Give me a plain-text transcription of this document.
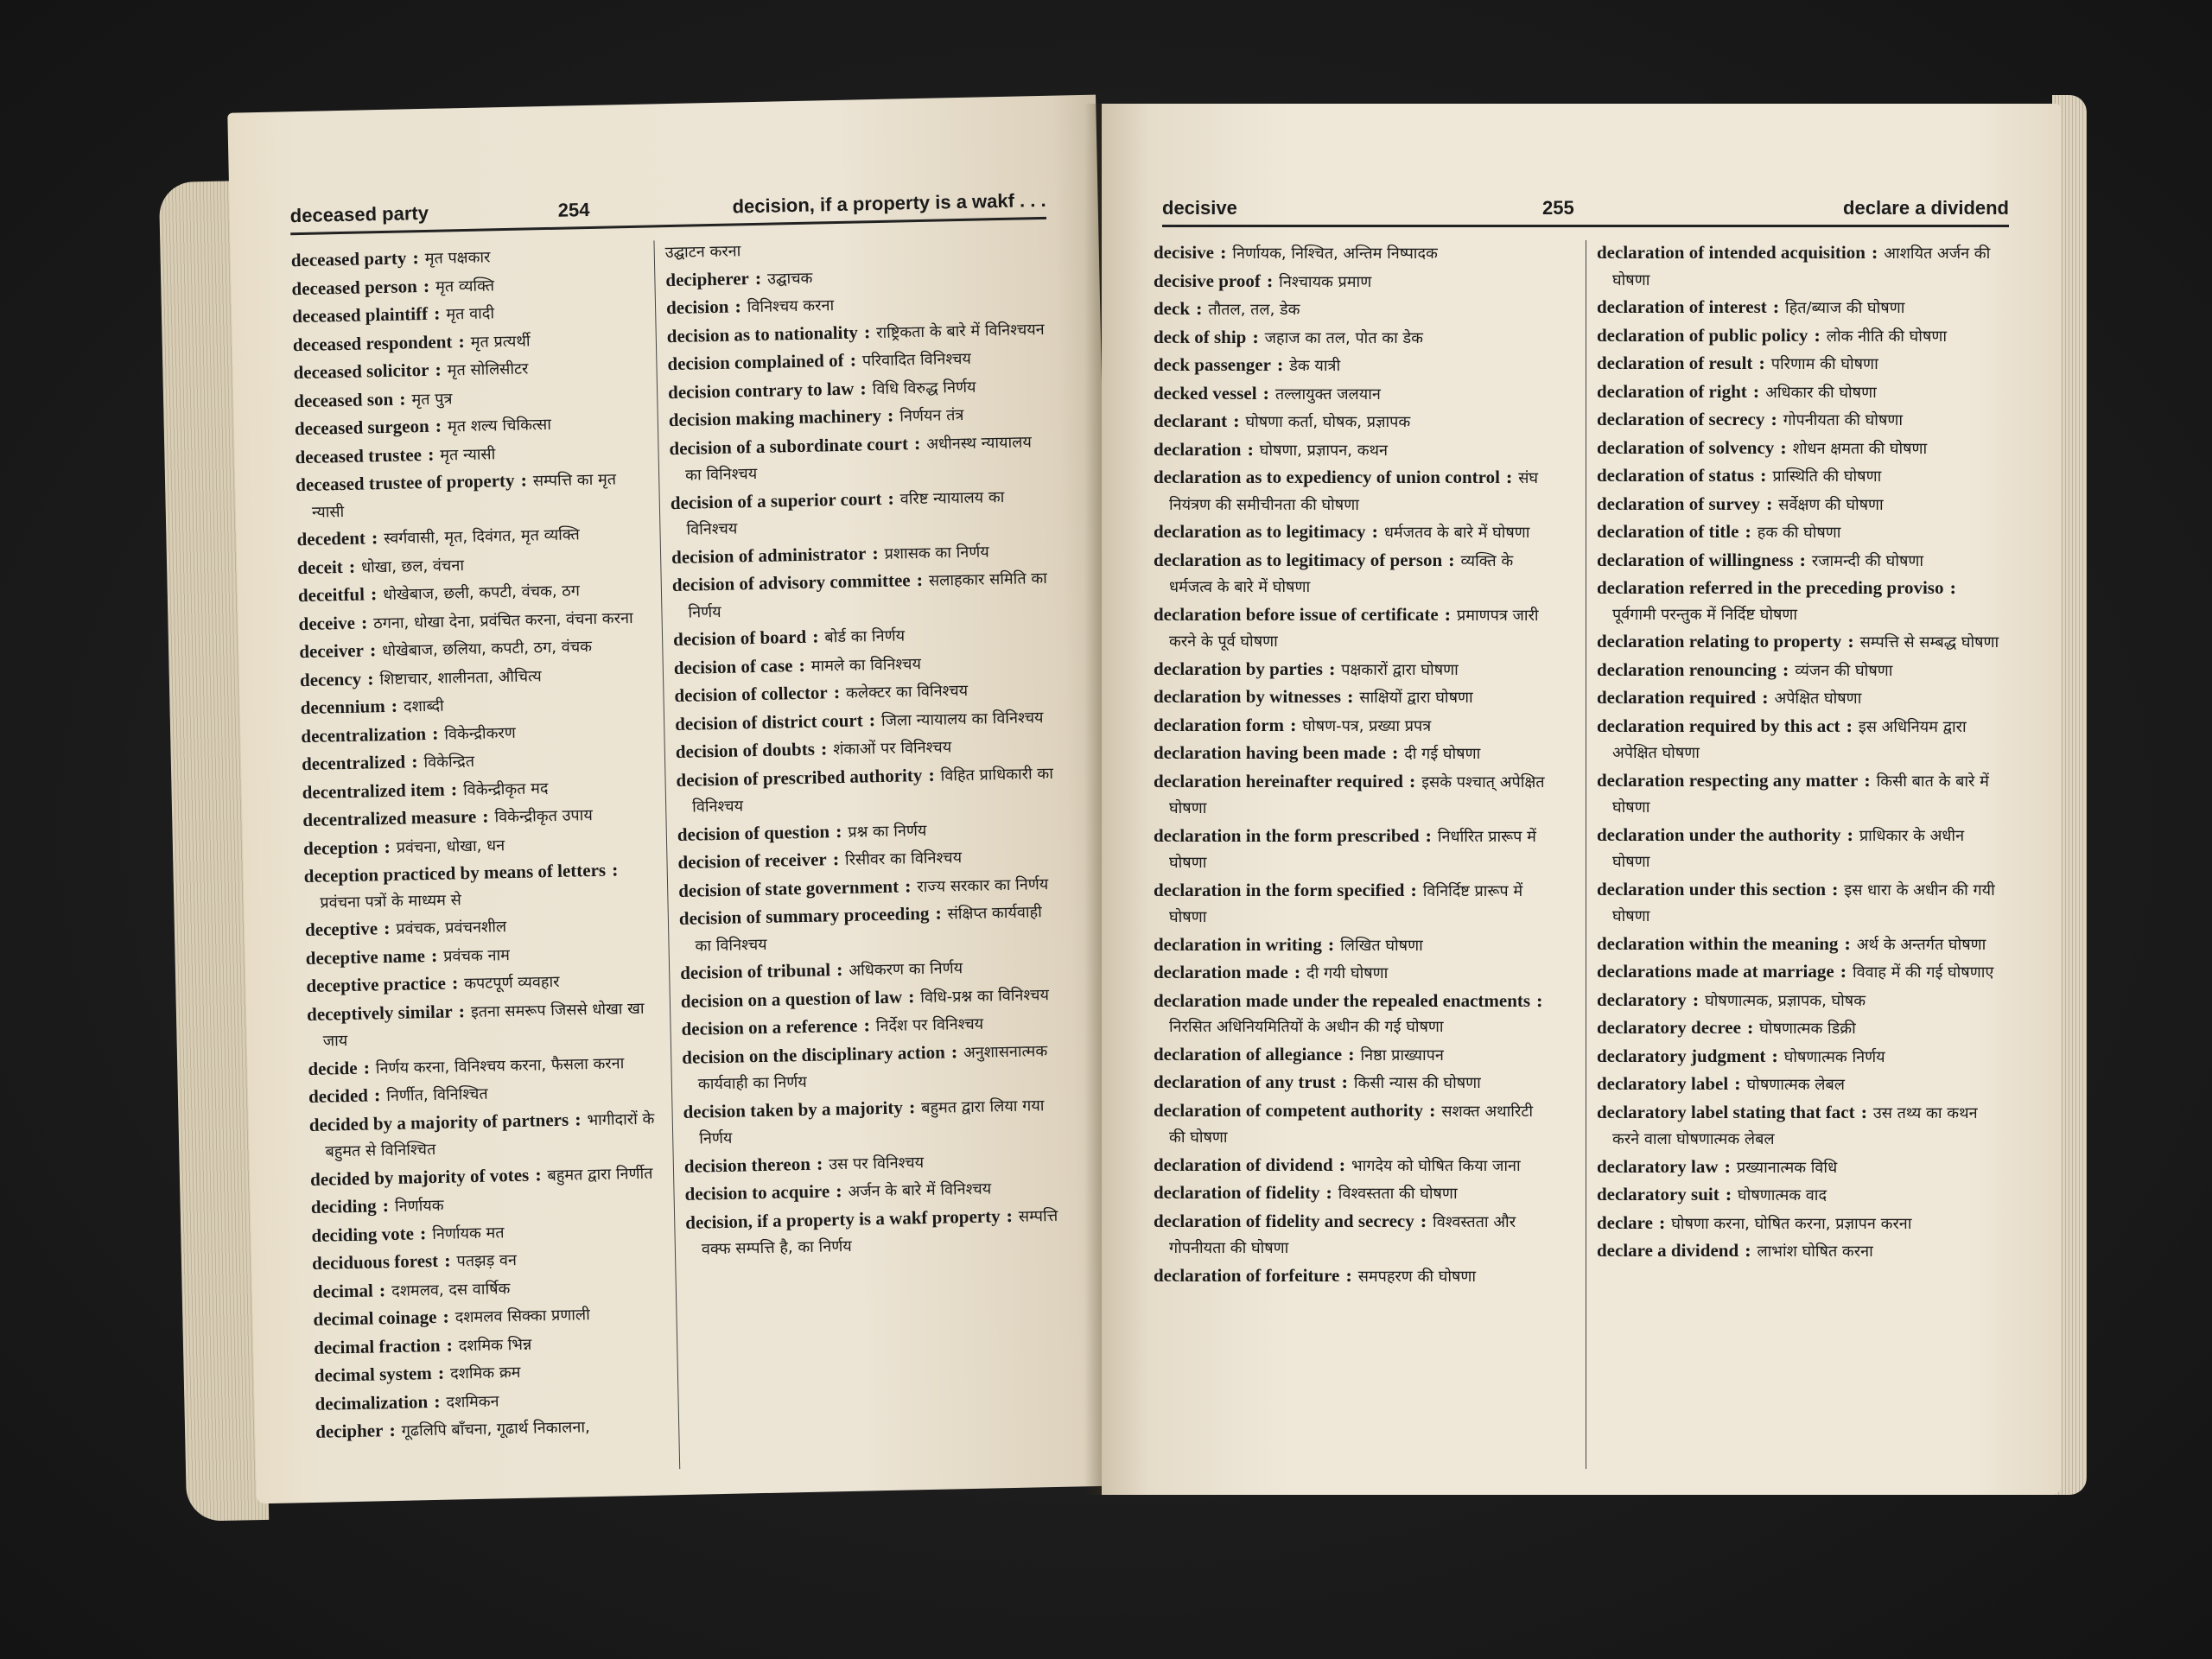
deceased party	254	decision, if a property is a wakf . . .
deceased party : मृत पक्षकार
deceased person : मृत व्यक्ति
deceased plaintiff : मृत वादी
deceased respondent : मृत प्रत्यर्थी
deceased solicitor : मृत सोलिसीटर
deceased son : मृत पुत्र
deceased surgeon : मृत शल्य चिकित्सा
deceased trustee : मृत न्यासी
deceased trustee of property : सम्पत्ति का मृत न्यासी
decedent : स्वर्गवासी, मृत, दिवंगत, मृत व्यक्ति
deceit : धोखा, छल, वंचना
deceitful : धोखेबाज, छली, कपटी, वंचक, ठग
deceive : ठगना, धोखा देना, प्रवंचित करना, वंचना करना
deceiver : धोखेबाज, छलिया, कपटी, ठग, वंचक
decency : शिष्टाचार, शालीनता, औचित्य
decennium : दशाब्दी
decentralization : विकेन्द्रीकरण
decentralized : विकेन्द्रित
decentralized item : विकेन्द्रीकृत मद
decentralized measure : विकेन्द्रीकृत उपाय
deception : प्रवंचना, धोखा, धन
deception practiced by means of letters : प्रवंचना पत्रों के माध्यम से
deceptive : प्रवंचक, प्रवंचनशील
deceptive name : प्रवंचक नाम
deceptive practice : कपटपूर्ण व्यवहार
deceptively similar : इतना समरूप जिससे धोखा खा जाय
decide : निर्णय करना, विनिश्चय करना, फैसला करना
decided : निर्णीत, विनिश्चित
decided by a majority of partners : भागीदारों के बहुमत से विनिश्चित
decided by majority of votes : बहुमत द्वारा निर्णीत
deciding : निर्णायक
deciding vote : निर्णायक मत
deciduous forest : पतझड़ वन
decimal : दशमलव, दस वार्षिक
decimal coinage : दशमलव सिक्का प्रणाली
decimal fraction : दशमिक भिन्न
decimal system : दशमिक क्रम
decimalization : दशमिकन
decipher : गूढलिपि बाँचना, गूढार्थ निकालना,
उद्घाटन करना
decipherer : उद्घाचक
decision : विनिश्चय करना
decision as to nationality : राष्ट्रिकता के बारे में विनिश्चयन
decision complained of : परिवादित विनिश्चय
decision contrary to law : विधि विरुद्ध निर्णय
decision making machinery : निर्णयन तंत्र
decision of a subordinate court : अधीनस्थ न्यायालय का विनिश्चय
decision of a superior court : वरिष्ट न्यायालय का विनिश्चय
decision of administrator : प्रशासक का निर्णय
decision of advisory committee : सलाहकार समिति का निर्णय
decision of board : बोर्ड का निर्णय
decision of case : मामले का विनिश्चय
decision of collector : कलेक्टर का विनिश्चय
decision of district court : जिला न्यायालय का विनिश्चय
decision of doubts : शंकाओं पर विनिश्चय
decision of prescribed authority : विहित प्राधिकारी का विनिश्चय
decision of question : प्रश्न का निर्णय
decision of receiver : रिसीवर का विनिश्चय
decision of state government : राज्य सरकार का निर्णय
decision of summary proceeding : संक्षिप्त कार्यवाही का विनिश्चय
decision of tribunal : अधिकरण का निर्णय
decision on a question of law : विधि-प्रश्न का विनिश्चय
decision on a reference : निर्देश पर विनिश्चय
decision on the disciplinary action : अनुशासनात्मक कार्यवाही का निर्णय
decision taken by a majority : बहुमत द्वारा लिया गया निर्णय
decision thereon : उस पर विनिश्चय
decision to acquire : अर्जन के बारे में विनिश्चय
decision, if a property is a wakf property : सम्पत्ति वक्फ सम्पत्ति है, का निर्णय
decisive	255	declare a dividend
decisive : निर्णायक, निश्चित, अन्तिम निष्पादक
decisive proof : निश्चायक प्रमाण
deck : तौतल, तल, डेक
deck of ship : जहाज का तल, पोत का डेक
deck passenger : डेक यात्री
decked vessel : तल्लायुक्त जलयान
declarant : घोषणा कर्ता, घोषक, प्रज्ञापक
declaration : घोषणा, प्रज्ञापन, कथन
declaration as to expediency of union control : संघ नियंत्रण की समीचीनता की घोषणा
declaration as to legitimacy : धर्मजतव के बारे में घोषणा
declaration as to legitimacy of person : व्यक्ति के धर्मजत्व के बारे में घोषणा
declaration before issue of certificate : प्रमाणपत्र जारी करने के पूर्व घोषणा
declaration by parties : पक्षकारों द्वारा घोषणा
declaration by witnesses : साक्षियों द्वारा घोषणा
declaration form : घोषण-पत्र, प्रख्या प्रपत्र
declaration having been made : दी गई घोषणा
declaration hereinafter required : इसके पश्चात् अपेक्षित घोषणा
declaration in the form prescribed : निर्धारित प्रारूप में घोषणा
declaration in the form specified : विनिर्दिष्ट प्रारूप में घोषणा
declaration in writing : लिखित घोषणा
declaration made : दी गयी घोषणा
declaration made under the repealed enactments : निरसित अधिनियमितियों के अधीन की गई घोषणा
declaration of allegiance : निष्ठा प्राख्यापन
declaration of any trust : किसी न्यास की घोषणा
declaration of competent authority : सशक्त अथारिटी की घोषणा
declaration of dividend : भागदेय को घोषित किया जाना
declaration of fidelity : विश्वस्तता की घोषणा
declaration of fidelity and secrecy : विश्वस्तता और गोपनीयता की घोषणा
declaration of forfeiture : समपहरण की घोषणा
declaration of intended acquisition : आशयित अर्जन की घोषणा
declaration of interest : हित/ब्याज की घोषणा
declaration of public policy : लोक नीति की घोषणा
declaration of result : परिणाम की घोषणा
declaration of right : अधिकार की घोषणा
declaration of secrecy : गोपनीयता की घोषणा
declaration of solvency : शोधन क्षमता की घोषणा
declaration of status : प्रास्थिति की घोषणा
declaration of survey : सर्वेक्षण की घोषणा
declaration of title : हक की घोषणा
declaration of willingness : रजामन्दी की घोषणा
declaration referred in the preceding proviso : पूर्वगामी परन्तुक में निर्दिष्ट घोषणा
declaration relating to property : सम्पत्ति से सम्बद्ध घोषणा
declaration renouncing : व्यंजन की घोषणा
declaration required : अपेक्षित घोषणा
declaration required by this act : इस अधिनियम द्वारा अपेक्षित घोषणा
declaration respecting any matter : किसी बात के बारे में घोषणा
declaration under the authority : प्राधिकार के अधीन घोषणा
declaration under this section : इस धारा के अधीन की गयी घोषणा
declaration within the meaning : अर्थ के अन्तर्गत घोषणा
declarations made at marriage : विवाह में की गई घोषणाए
declaratory : घोषणात्मक, प्रज्ञापक, घोषक
declaratory decree : घोषणात्मक डिक्री
declaratory judgment : घोषणात्मक निर्णय
declaratory label : घोषणात्मक लेबल
declaratory label stating that fact : उस तथ्य का कथन करने वाला घोषणात्मक लेबल
declaratory law : प्रख्यानात्मक विधि
declaratory suit : घोषणात्मक वाद
declare : घोषणा करना, घोषित करना, प्रज्ञापन करना
declare a dividend : लाभांश घोषित करना
